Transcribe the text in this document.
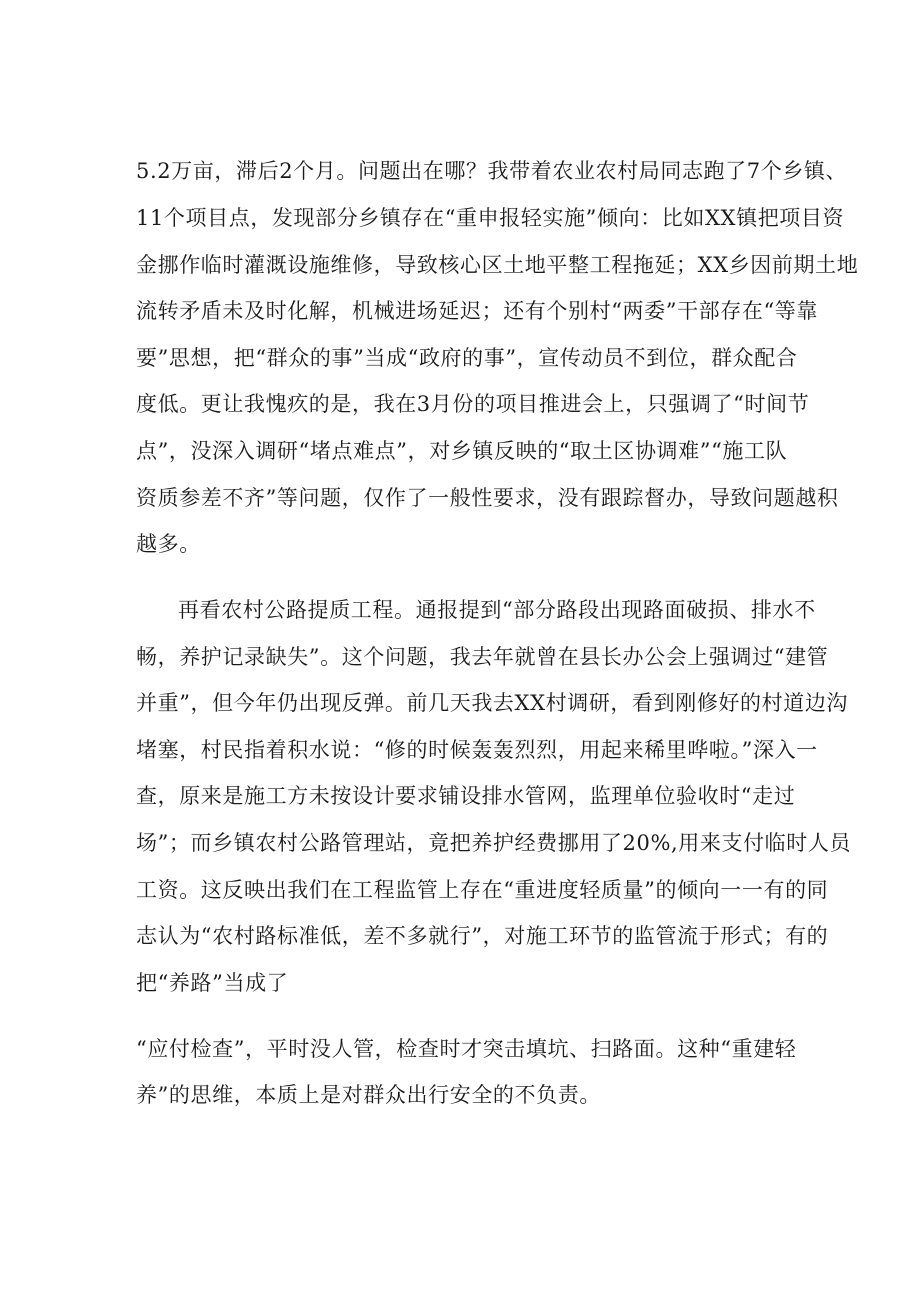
5.2万亩，滞后2个月。问题出在哪？我带着农业农村局同志跑了7个乡镇、
11个项目点，发现部分乡镇存在“重申报轻实施”倾向：比如XX镇把项目资
金挪作临时灌溉设施维修，导致核心区土地平整工程拖延；XX乡因前期土地
流转矛盾未及时化解，机械进场延迟；还有个别村“两委”干部存在“等靠
要”思想，把“群众的事”当成“政府的事”，宣传动员不到位，群众配合
度低。更让我愧疚的是，我在3月份的项目推进会上，只强调了“时间节
点”，没深入调研“堵点难点”，对乡镇反映的“取土区协调难”“施工队
资质参差不齐”等问题，仅作了一般性要求，没有跟踪督办，导致问题越积
越多。
再看农村公路提质工程。通报提到“部分路段出现路面破损、排水不
畅，养护记录缺失”。这个问题，我去年就曾在县长办公会上强调过“建管
并重”，但今年仍出现反弹。前几天我去XX村调研，看到刚修好的村道边沟
堵塞，村民指着积水说：“修的时候轰轰烈烈，用起来稀里哗啦。”深入一
查，原来是施工方未按设计要求铺设排水管网，监理单位验收时“走过
场”；而乡镇农村公路管理站，竟把养护经费挪用了20%,用来支付临时人员
工资。这反映出我们在工程监管上存在“重进度轻质量”的倾向一一有的同
志认为“农村路标准低，差不多就行”，对施工环节的监管流于形式；有的
把“养路”当成了
“应付检查”，平时没人管，检查时才突击填坑、扫路面。这种“重建轻
养”的思维，本质上是对群众出行安全的不负责。
